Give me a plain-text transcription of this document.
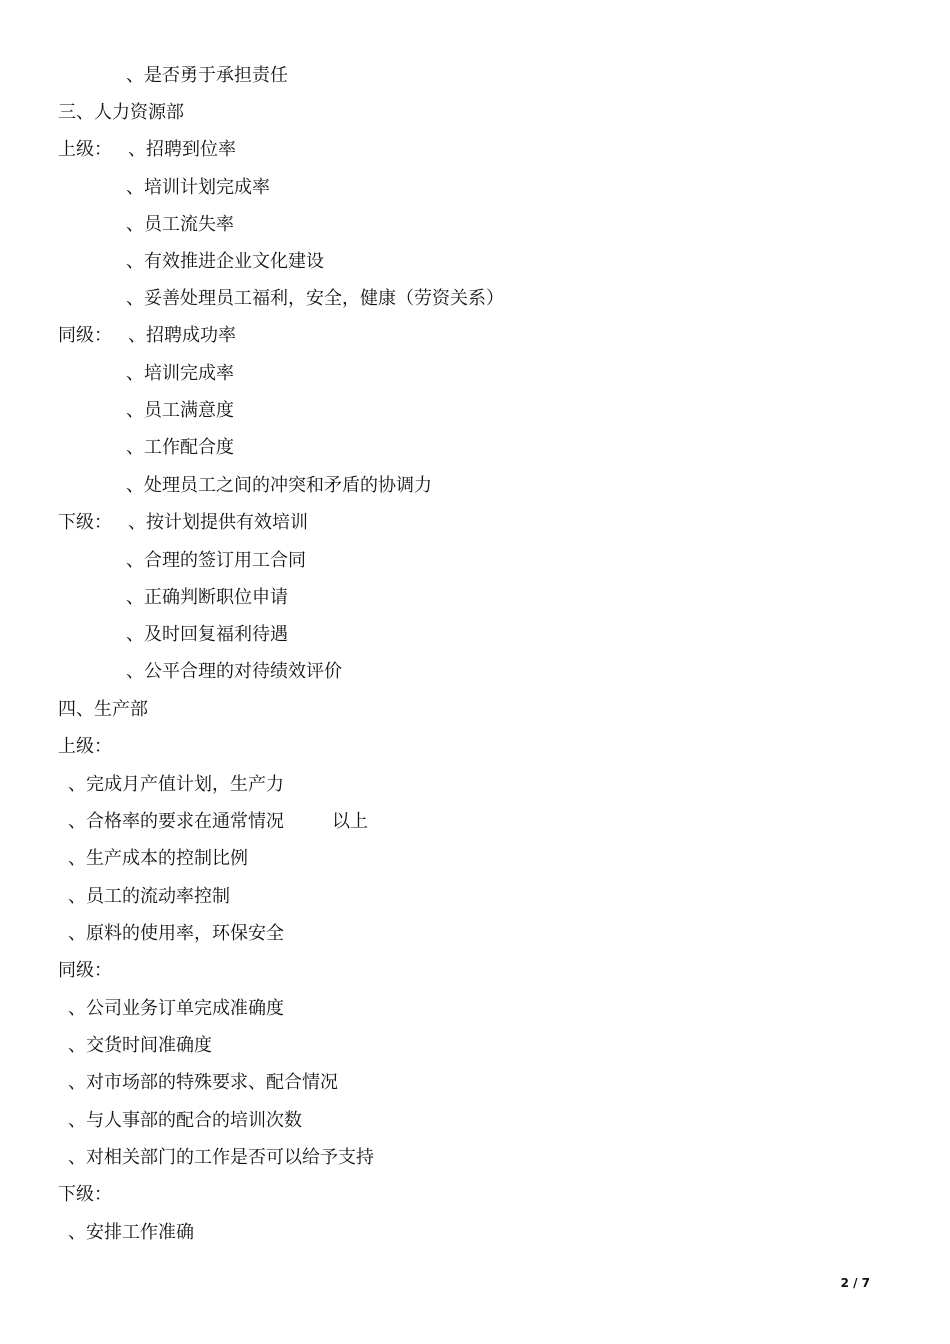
、是否勇于承担责任
三、人力资源部
上级： 、招聘到位率
、培训计划完成率
、员工流失率
、有效推进企业文化建设
、妥善处理员工福利，安全，健康（劳资关系）
同级： 、招聘成功率
、培训完成率
、员工满意度
、工作配合度
、处理员工之间的冲突和矛盾的协调力
下级： 、按计划提供有效培训
、合理的签订用工合同
、正确判断职位申请
、及时回复福利待遇
、公平合理的对待绩效评价
四、生产部
上级：
、完成月产值计划，生产力
、合格率的要求在通常情况	以上
、生产成本的控制比例
、员工的流动率控制
、原料的使用率，环保安全
同级：
、公司业务订单完成准确度
、交货时间准确度
、对市场部的特殊要求、配合情况
、与人事部的配合的培训次数
、对相关部门的工作是否可以给予支持
下级：
、安排工作准确
2 / 7
